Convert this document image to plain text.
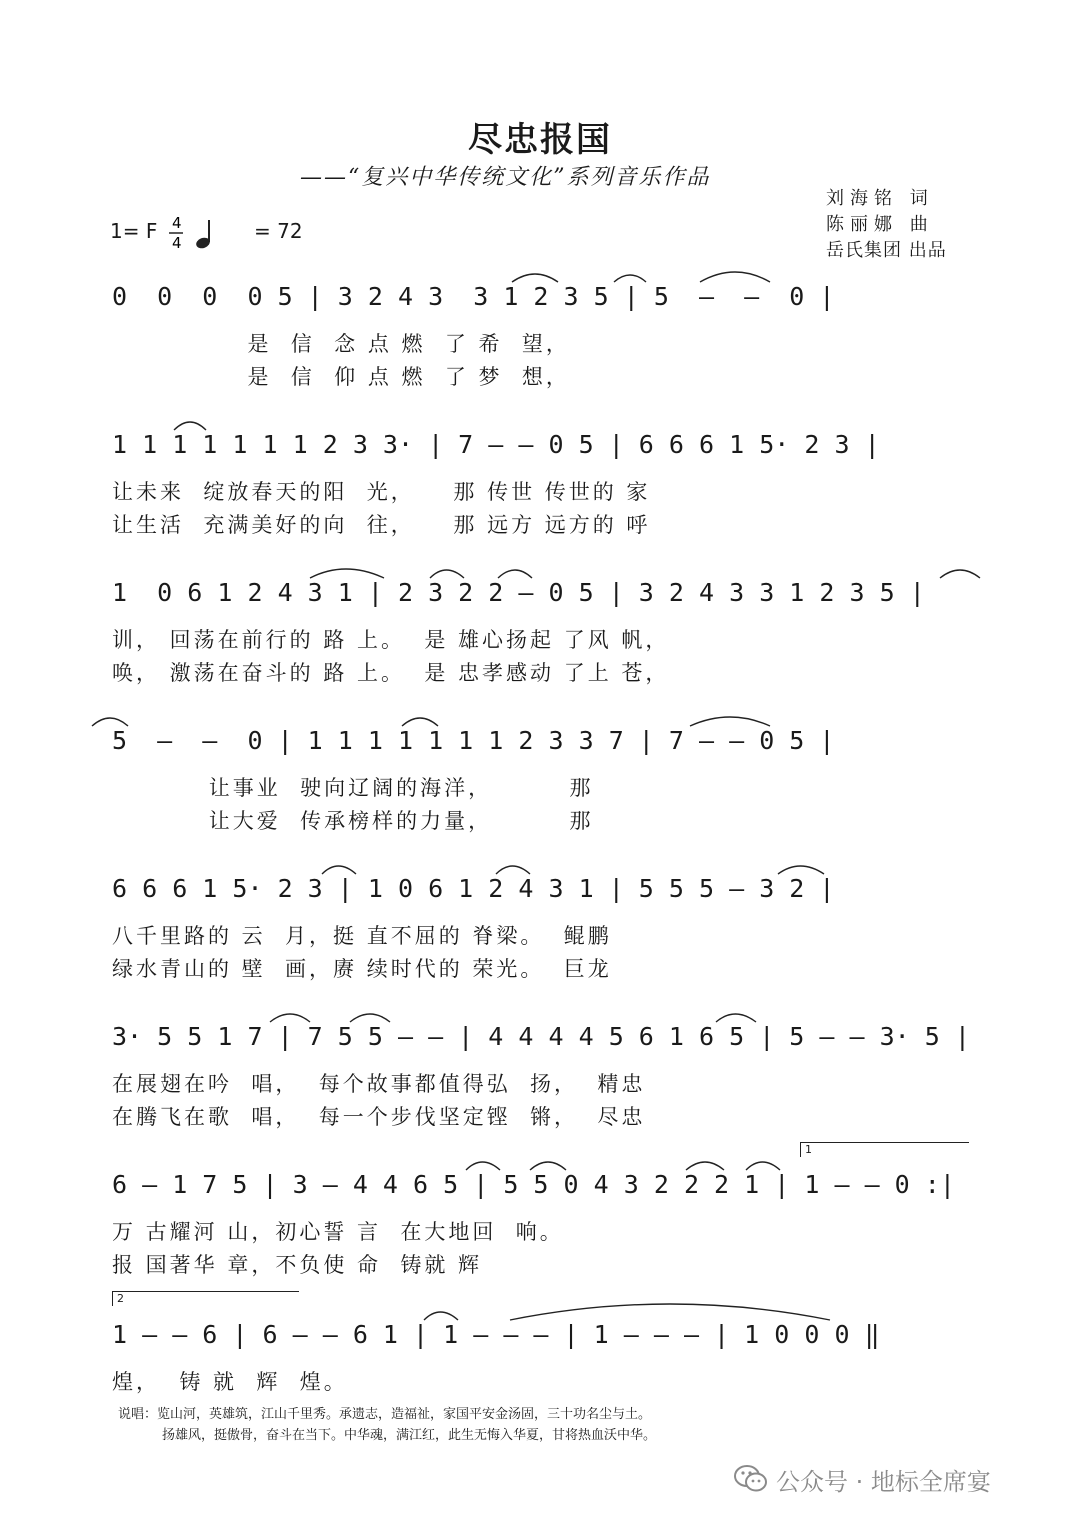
尽忠报国
——“复兴中华传统文化”系列音乐作品
刘海铭 词
陈丽娜 曲
岳氏集团 出品
1= F 4
4	= 72
0  0  0  0 5 | 3 2 4 3  3 1 2 3 5 | 5  —  —  0 |
是  信  念 点 燃  了 希  望，
是  信  仰 点 燃  了 梦  想，
1 1 1 1 1 1 1 2 3 3· | 7 — — 0 5 | 6 6 6 1 5· 2 3 |
让未来  绽放春天的阳  光，    那 传世 传世的 家
让生活  充满美好的向  往，    那 远方 远方的 呼
1  0 6 1 2 4 3 1 | 2 3 2 2 — 0 5 | 3 2 4 3 3 1 2 3 5 |
训， 回荡在前行的 路 上。  是 雄心扬起 了风 帆，
唤， 激荡在奋斗的 路 上。  是 忠孝感动 了上 苍，
5  —  —  0 | 1 1 1 1 1 1 1 2 3 3 7 | 7 — — 0 5 |
让事业  驶向辽阔的海洋，        那
让大爱  传承榜样的力量，        那
6 6 6 1 5· 2 3 | 1 0 6 1 2 4 3 1 | 5 5 5 — 3 2 |
八千里路的 云  月，挺 直不屈的 脊梁。  鲲鹏
绿水青山的 壁  画，赓 续时代的 荣光。  巨龙
3· 5 5 1 7 | 7 5 5 — — | 4 4 4 4 5 6 1 6 5 | 5 — — 3· 5 |
在展翅在吟  唱，  每个故事都值得弘  扬，  精忠
在腾飞在歌  唱，  每一个步伐坚定铿  锵，  尽忠
1
6 — 1 7 5 | 3 — 4 4 6 5 | 5 5 0 4 3 2 2 2 1 | 1 — — 0 :|
万 古耀河 山，初心誓 言  在大地回  响。
报 国著华 章，不负使 命  铸就 辉
2
1 — — 6 | 6 — — 6 1 | 1 — — — | 1 — — — | 1 0 0 0 ‖
煌，  铸 就  辉  煌。
说唱：览山河，英雄筑，江山千里秀。承遗志，造福祉，家国平安金汤固，三十功名尘与土。
扬雄风，挺傲骨，奋斗在当下。中华魂，满江红，此生无悔入华夏，甘将热血沃中华。
公众号 · 地标全席宴
